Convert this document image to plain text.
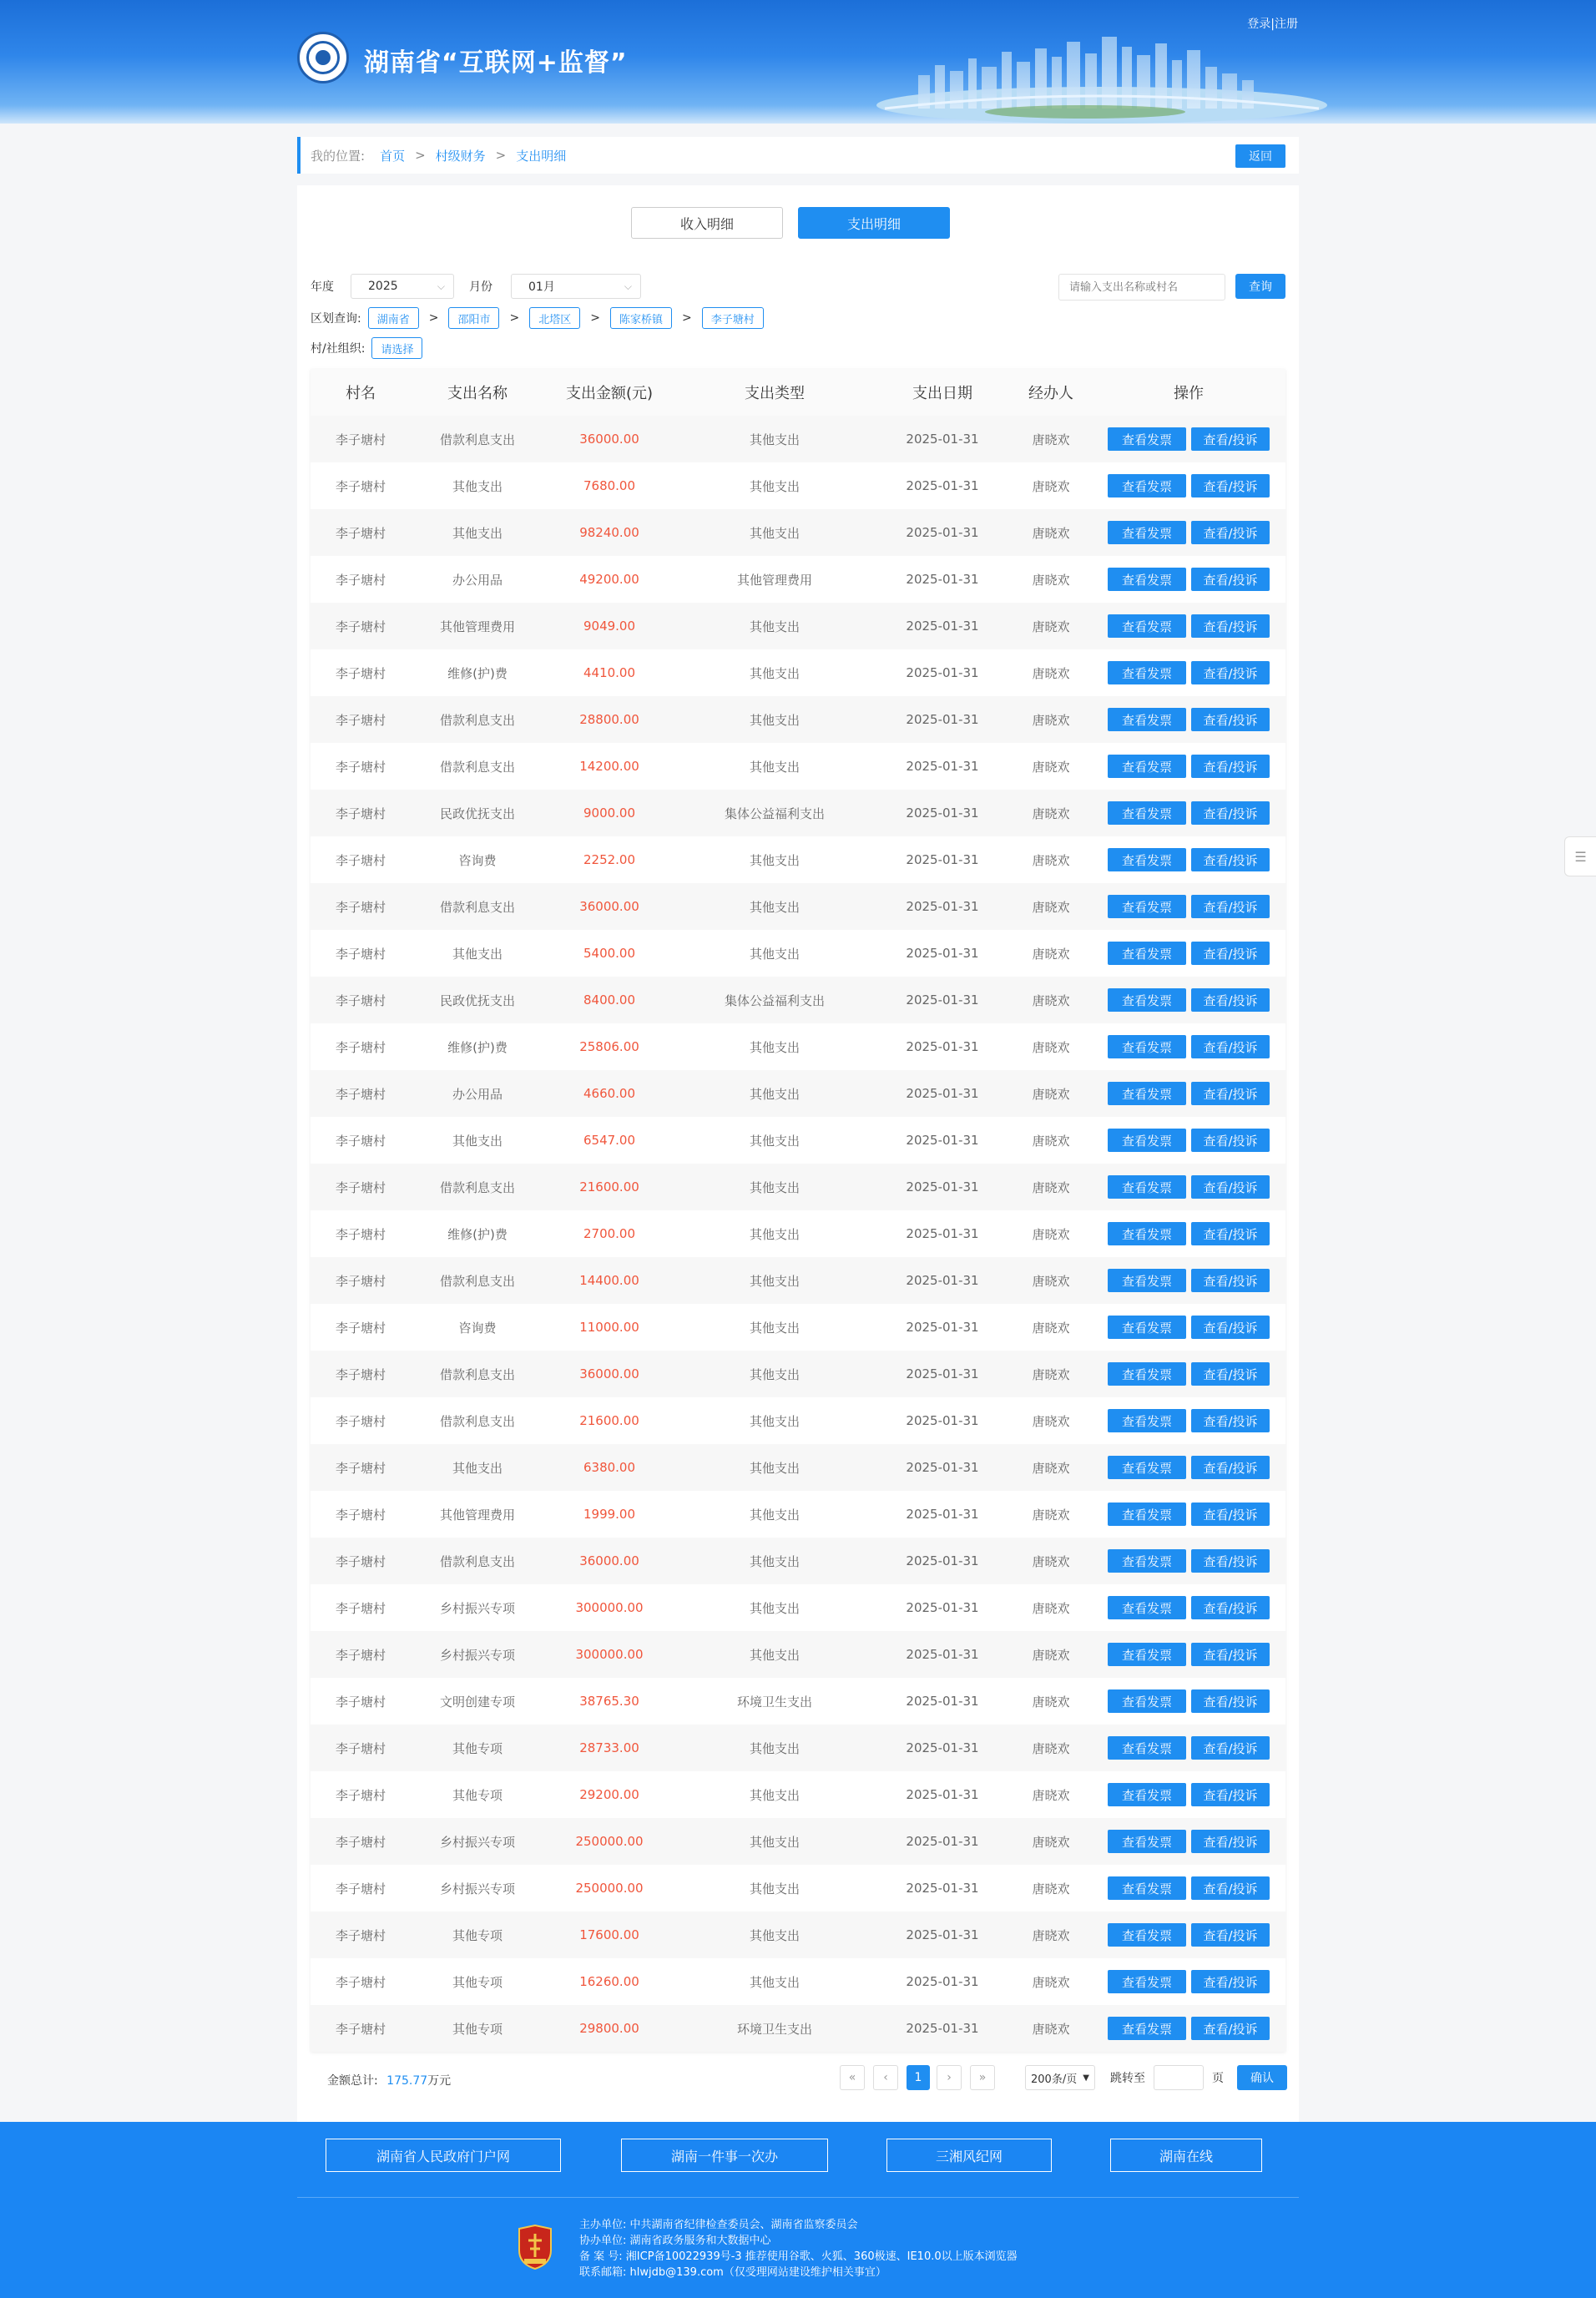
湖南省“互联网+监督”
登录|注册
我的位置: 首页 > 村级财务 > 支出明细	返回
收入明细	支出明细
年度	2025	⌵ 月份	01月	⌵
请输入支出名称或村名	查询
区划查询:	湖南省	>	邵阳市	>	北塔区	>	陈家桥镇	>	李子塘村
村/社组织:	请选择
村名	支出名称	支出金额(元)	支出类型	支出日期	经办人	操作
李子塘村	借款利息支出	36000.00	其他支出	2025-01-31	唐晓欢	查看发票 查看/投诉
李子塘村	其他支出	7680.00	其他支出	2025-01-31	唐晓欢	查看发票 查看/投诉
李子塘村	其他支出	98240.00	其他支出	2025-01-31	唐晓欢	查看发票 查看/投诉
李子塘村	办公用品	49200.00	其他管理费用	2025-01-31	唐晓欢	查看发票 查看/投诉
李子塘村	其他管理费用	9049.00	其他支出	2025-01-31	唐晓欢	查看发票 查看/投诉
李子塘村	维修(护)费	4410.00	其他支出	2025-01-31	唐晓欢	查看发票 查看/投诉
李子塘村	借款利息支出	28800.00	其他支出	2025-01-31	唐晓欢	查看发票 查看/投诉
李子塘村	借款利息支出	14200.00	其他支出	2025-01-31	唐晓欢	查看发票 查看/投诉
李子塘村	民政优抚支出	9000.00	集体公益福利支出	2025-01-31	唐晓欢	查看发票 查看/投诉
李子塘村	咨询费	2252.00	其他支出	2025-01-31	唐晓欢	查看发票 查看/投诉
李子塘村	借款利息支出	36000.00	其他支出	2025-01-31	唐晓欢	查看发票 查看/投诉
李子塘村	其他支出	5400.00	其他支出	2025-01-31	唐晓欢	查看发票 查看/投诉
李子塘村	民政优抚支出	8400.00	集体公益福利支出	2025-01-31	唐晓欢	查看发票 查看/投诉
李子塘村	维修(护)费	25806.00	其他支出	2025-01-31	唐晓欢	查看发票 查看/投诉
李子塘村	办公用品	4660.00	其他支出	2025-01-31	唐晓欢	查看发票 查看/投诉
李子塘村	其他支出	6547.00	其他支出	2025-01-31	唐晓欢	查看发票 查看/投诉
李子塘村	借款利息支出	21600.00	其他支出	2025-01-31	唐晓欢	查看发票 查看/投诉
李子塘村	维修(护)费	2700.00	其他支出	2025-01-31	唐晓欢	查看发票 查看/投诉
李子塘村	借款利息支出	14400.00	其他支出	2025-01-31	唐晓欢	查看发票 查看/投诉
李子塘村	咨询费	11000.00	其他支出	2025-01-31	唐晓欢	查看发票 查看/投诉
李子塘村	借款利息支出	36000.00	其他支出	2025-01-31	唐晓欢	查看发票 查看/投诉
李子塘村	借款利息支出	21600.00	其他支出	2025-01-31	唐晓欢	查看发票 查看/投诉
李子塘村	其他支出	6380.00	其他支出	2025-01-31	唐晓欢	查看发票 查看/投诉
李子塘村	其他管理费用	1999.00	其他支出	2025-01-31	唐晓欢	查看发票 查看/投诉
李子塘村	借款利息支出	36000.00	其他支出	2025-01-31	唐晓欢	查看发票 查看/投诉
李子塘村	乡村振兴专项	300000.00	其他支出	2025-01-31	唐晓欢	查看发票 查看/投诉
李子塘村	乡村振兴专项	300000.00	其他支出	2025-01-31	唐晓欢	查看发票 查看/投诉
李子塘村	文明创建专项	38765.30	环境卫生支出	2025-01-31	唐晓欢	查看发票 查看/投诉
李子塘村	其他专项	28733.00	其他支出	2025-01-31	唐晓欢	查看发票 查看/投诉
李子塘村	其他专项	29200.00	其他支出	2025-01-31	唐晓欢	查看发票 查看/投诉
李子塘村	乡村振兴专项	250000.00	其他支出	2025-01-31	唐晓欢	查看发票 查看/投诉
李子塘村	乡村振兴专项	250000.00	其他支出	2025-01-31	唐晓欢	查看发票 查看/投诉
李子塘村	其他专项	17600.00	其他支出	2025-01-31	唐晓欢	查看发票 查看/投诉
李子塘村	其他专项	16260.00	其他支出	2025-01-31	唐晓欢	查看发票 查看/投诉
李子塘村	其他专项	29800.00	环境卫生支出	2025-01-31	唐晓欢	查看发票 查看/投诉
金额总计: 175.77万元	«	‹	1	›	»	200条/页 ▼ 跳转至	页	确认
☰
湖南省人民政府门户网	湖南一件事一次办	三湘风纪网	湖南在线
主办单位: 中共湖南省纪律检查委员会、湖南省监察委员会
协办单位: 湖南省政务服务和大数据中心
备 案 号: 湘ICP备10022939号-3 推荐使用谷歌、火狐、360极速、IE10.0以上版本浏览器
联系邮箱: hlwjdb@139.com（仅受理网站建设维护相关事宜）
